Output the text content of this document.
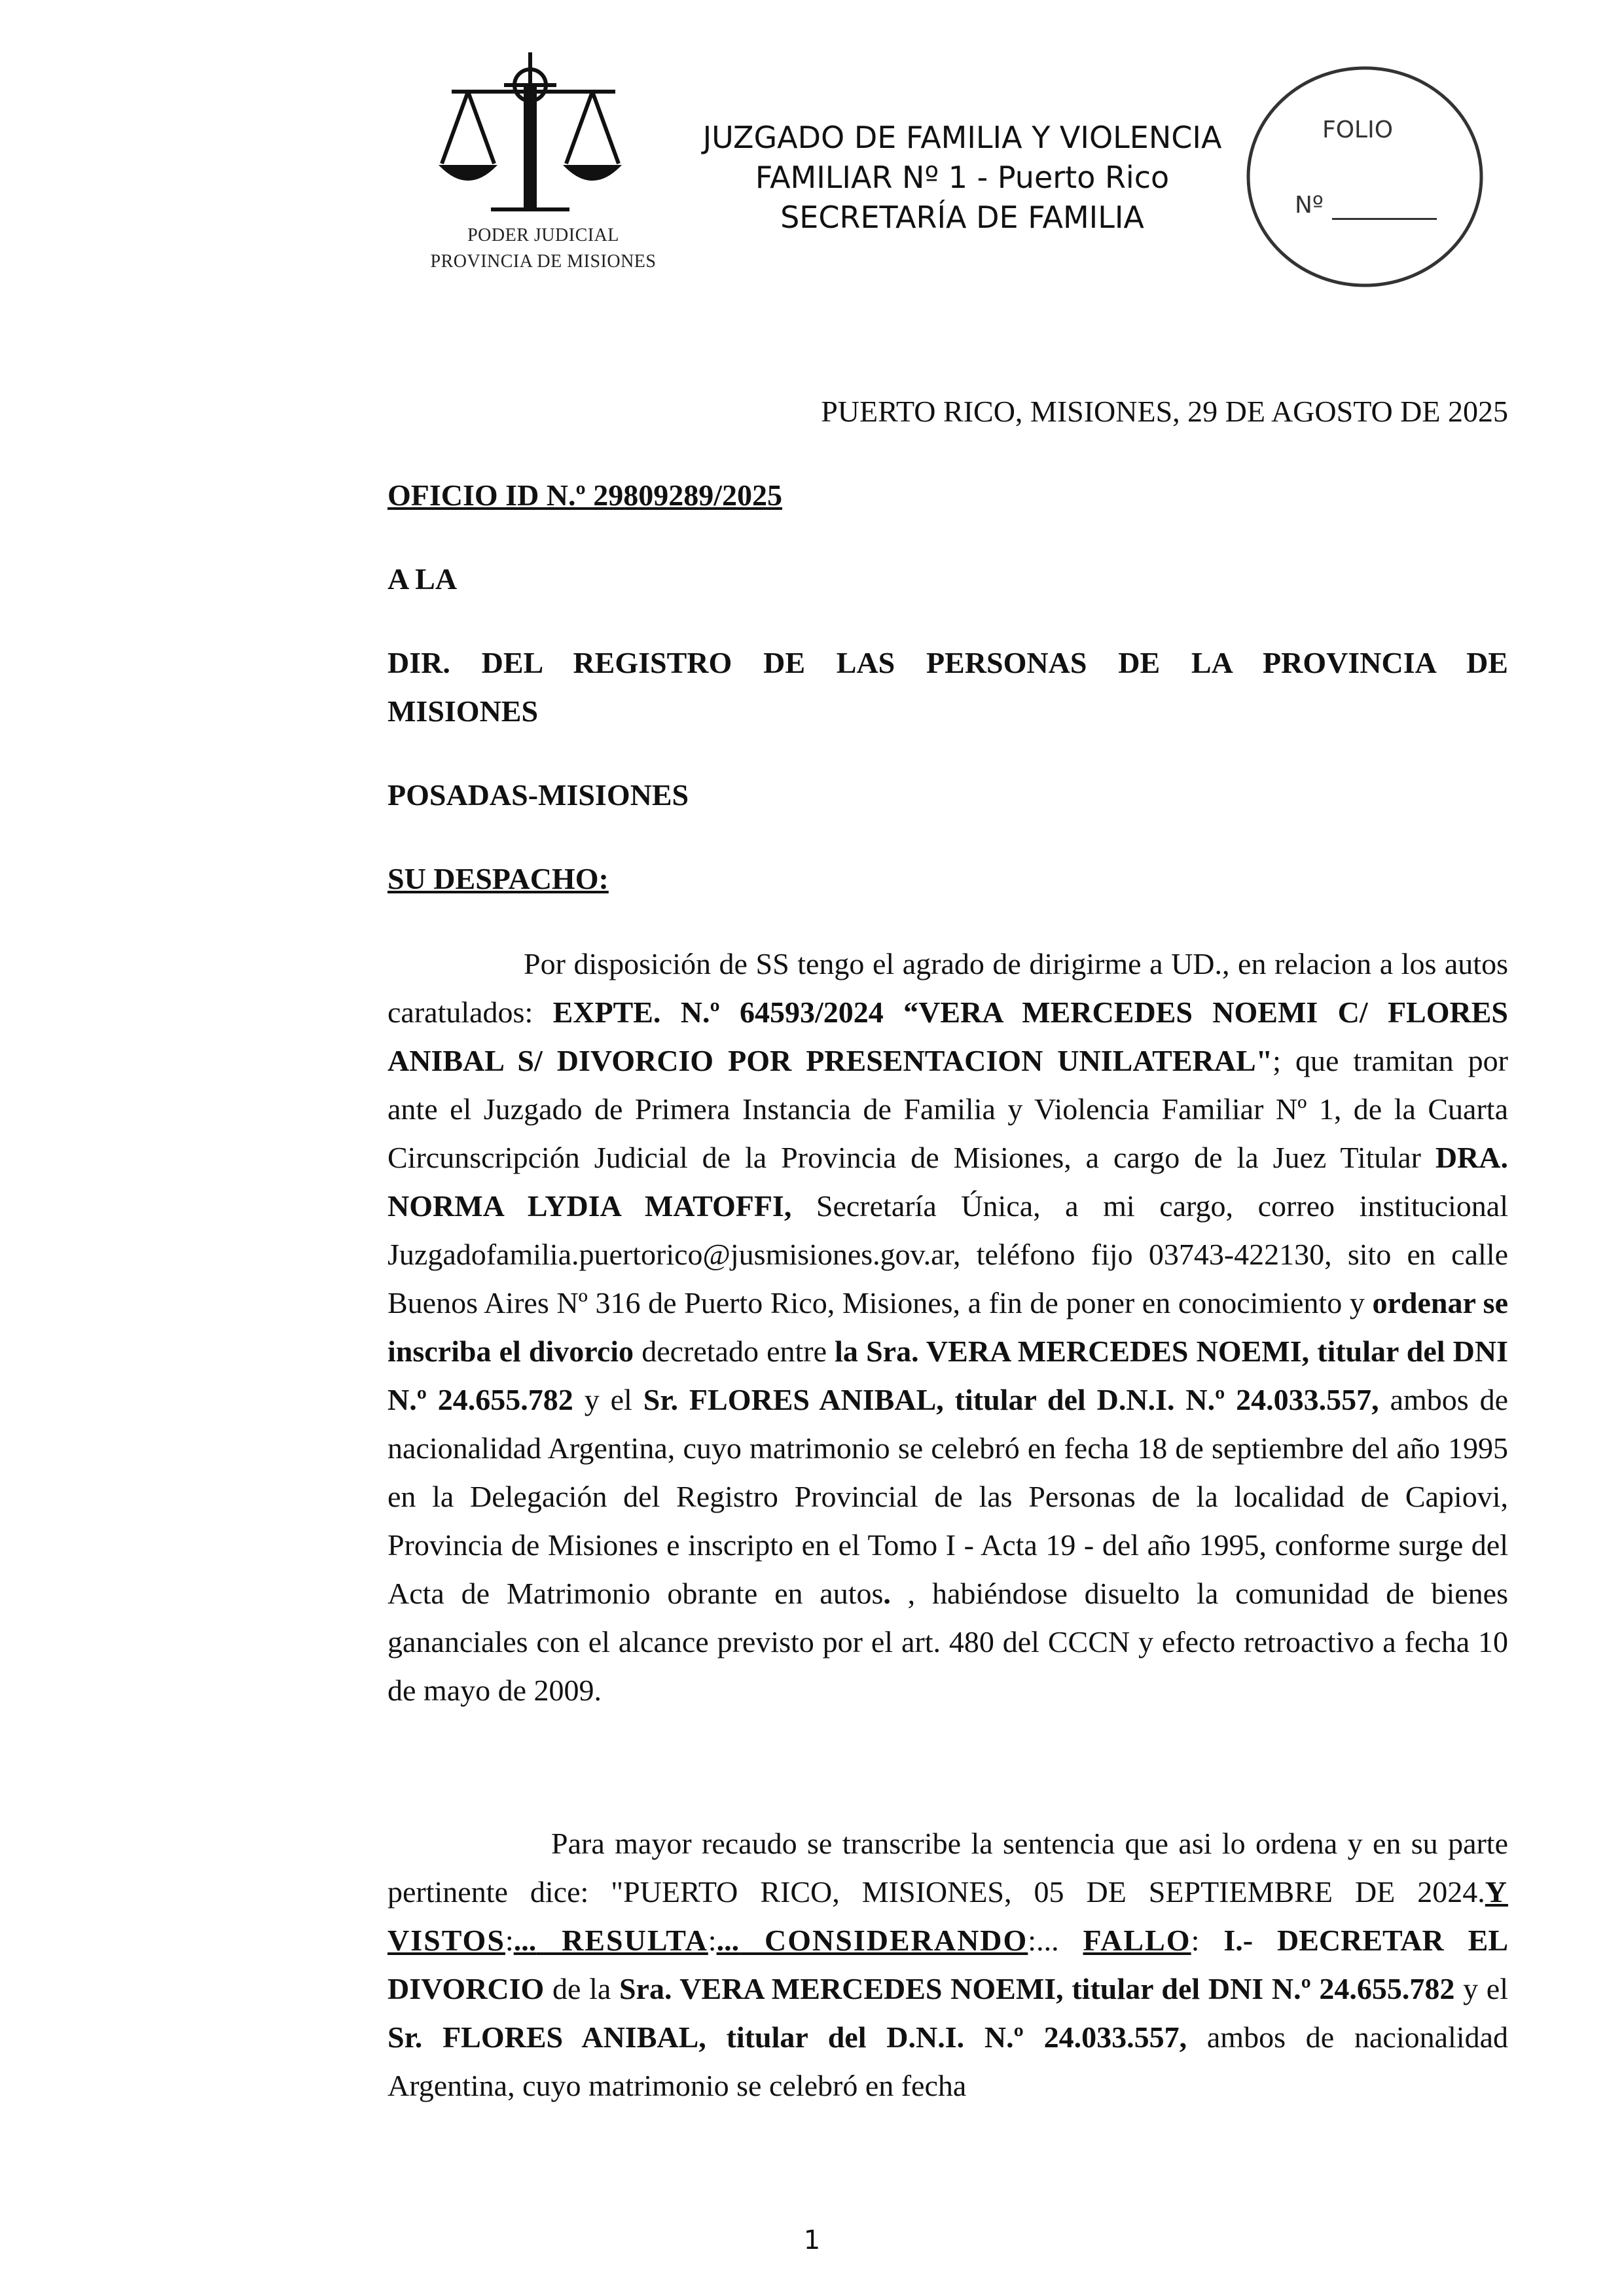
PODER JUDICIAL
PROVINCIA DE MISIONES
JUZGADO DE FAMILIA Y VIOLENCIA
FAMILIAR Nº 1 - Puerto Rico
SECRETARÍA DE FAMILIA
FOLIO
Nº
PUERTO RICO, MISIONES, 29 DE AGOSTO DE 2025
OFICIO ID N.º 29809289/2025
A LA
DIR. DEL REGISTRO DE LAS PERSONAS DE LA PROVINCIA DE
MISIONES
POSADAS-MISIONES
SU DESPACHO:
Por disposición de SS tengo el agrado de dirigirme a UD., en relacion a los autos caratulados: EXPTE. N.º 64593/2024 “VERA MERCEDES NOEMI C/ FLORES ANIBAL S/ DIVORCIO POR PRESENTACION UNILATERAL"; que tramitan por ante el Juzgado de Primera Instancia de Familia y Violencia Familiar Nº 1, de la Cuarta Circunscripción Judicial de la Provincia de Misiones, a cargo de la Juez Titular DRA. NORMA LYDIA MATOFFI, Secretaría Única, a mi cargo, correo institucional Juzgadofamilia.puertorico@jusmisiones.gov.ar, teléfono fijo 03743-422130, sito en calle Buenos Aires Nº 316 de Puerto Rico, Misiones, a fin de poner en conocimiento y ordenar se inscriba el divorcio decretado entre la Sra. VERA MERCEDES NOEMI, titular del DNI N.º 24.655.782 y el Sr. FLORES ANIBAL, titular del D.N.I. N.º 24.033.557, ambos de nacionalidad Argentina, cuyo matrimonio se celebró en fecha 18 de septiembre del año 1995 en la Delegación del Registro Provincial de las Personas de la localidad de Capiovi, Provincia de Misiones e inscripto en el Tomo I - Acta 19 - del año 1995, conforme surge del Acta de Matrimonio obrante en autos. , habiéndose disuelto la comunidad de bienes gananciales con el alcance previsto por el art. 480 del CCCN y efecto retroactivo a fecha 10 de mayo de 2009.
Para mayor recaudo se transcribe la sentencia que asi lo ordena y en su parte pertinente dice: "PUERTO RICO, MISIONES, 05 DE SEPTIEMBRE DE 2024.Y VISTOS:... RESULTA:... CONSIDERANDO:... FALLO: I.- DECRETAR EL DIVORCIO de la Sra. VERA MERCEDES NOEMI, titular del DNI N.º 24.655.782 y el Sr. FLORES ANIBAL, titular del D.N.I. N.º 24.033.557, ambos de nacionalidad Argentina, cuyo matrimonio se celebró en fecha
1
